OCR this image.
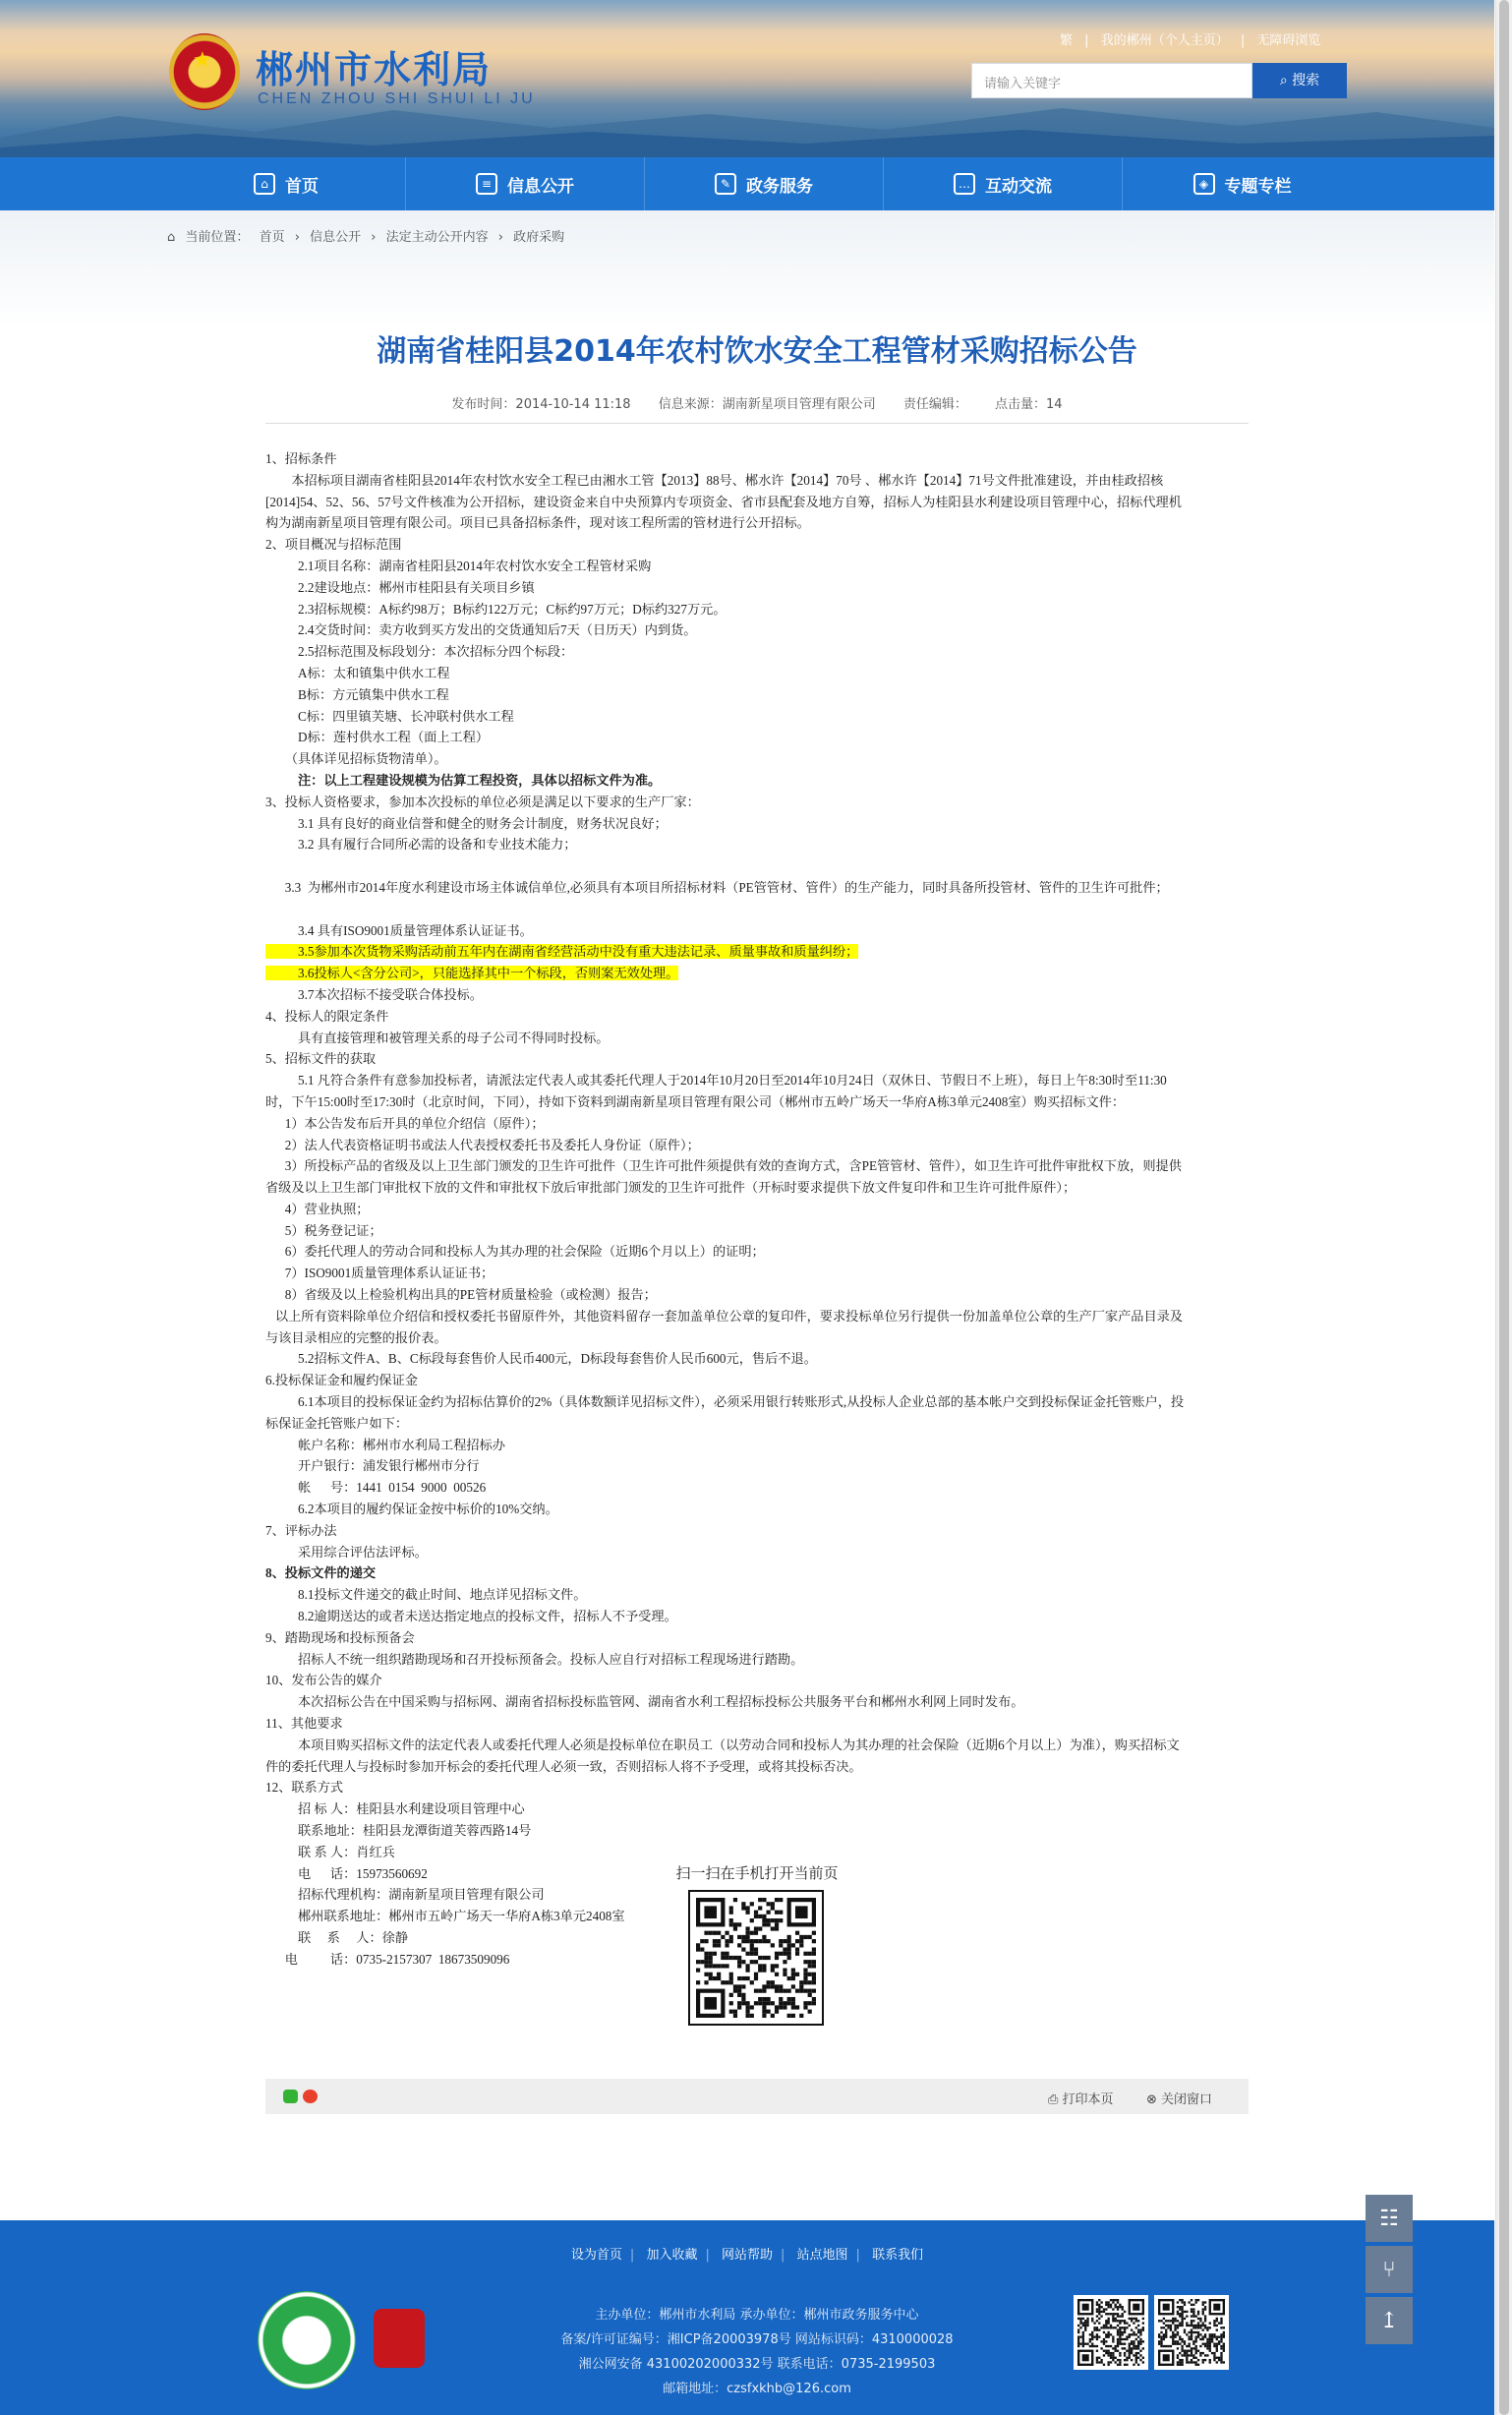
★
郴州市水利局
CHEN ZHOU SHI SHUI LI JU
繁 | 我的郴州（个人主页） | 无障碍浏览
请输入关键字	⌕ 搜索
⌂	首页	≡ 信息公开	✎ 政务服务	… 互动交流	◈ 专题专栏
⌂ 当前位置： 首页 › 信息公开 › 法定主动公开内容 › 政府采购
湖南省桂阳县2014年农村饮水安全工程管材采购招标公告
发布时间：2014-10-14 11:18 信息来源：湖南新星项目管理有限公司 责任编辑： 点击量：14

1、招标条件

本招标项目湖南省桂阳县2014年农村饮水安全工程已由湘水工管【2013】88号、郴水许【2014】70号 、郴水许【2014】71号文件批准建设，并由桂政招核

[2014]54、52、56、57号文件核准为公开招标，建设资金来自中央预算内专项资金、省市县配套及地方自筹，招标人为桂阳县水利建设项目管理中心，招标代理机

构为湖南新星项目管理有限公司。项目已具备招标条件，现对该工程所需的管材进行公开招标。

2、项目概况与招标范围

2.1项目名称：湖南省桂阳县2014年农村饮水安全工程管材采购

2.2建设地点：郴州市桂阳县有关项目乡镇

2.3招标规模：A标约98万；B标约122万元；C标约97万元；D标约327万元。

2.4交货时间：卖方收到买方发出的交货通知后7天（日历天）内到货。

2.5招标范围及标段划分：本次招标分四个标段：

A标：太和镇集中供水工程

B标：方元镇集中供水工程

C标：四里镇芙塘、长冲联村供水工程

D标：莲村供水工程（面上工程）

（具体详见招标货物清单）。

注：以上工程建设规模为估算工程投资，具体以招标文件为准。

3、投标人资格要求，参加本次投标的单位必须是满足以下要求的生产厂家：

3.1 具有良好的商业信誉和健全的财务会计制度，财务状况良好；

3.2 具有履行合同所必需的设备和专业技术能力；

3.3  为郴州市2014年度水利建设市场主体诚信单位,必须具有本项目所招标材料（PE管管材、管件）的生产能力，同时具备所投管材、管件的卫生许可批件；

3.4 具有ISO9001质量管理体系认证证书。

3.5参加本次货物采购活动前五年内在湖南省经营活动中没有重大违法记录、质量事故和质量纠纷；

3.6投标人<含分公司>，只能选择其中一个标段，否则案无效处理。

3.7本次招标不接受联合体投标。

4、投标人的限定条件

具有直接管理和被管理关系的母子公司不得同时投标。

5、招标文件的获取

5.1 凡符合条件有意参加投标者，请派法定代表人或其委托代理人于2014年10月20日至2014年10月24日（双休日、节假日不上班），每日上午8:30时至11:30

时，下午15:00时至17:30时（北京时间，下同），持如下资料到湖南新星项目管理有限公司（郴州市五岭广场天一华府A栋3单元2408室）购买招标文件：

1）本公告发布后开具的单位介绍信（原件）；

2）法人代表资格证明书或法人代表授权委托书及委托人身份证（原件）；

3）所投标产品的省级及以上卫生部门颁发的卫生许可批件（卫生许可批件须提供有效的查询方式，含PE管管材、管件），如卫生许可批件审批权下放，则提供

省级及以上卫生部门审批权下放的文件和审批权下放后审批部门颁发的卫生许可批件（开标时要求提供下放文件复印件和卫生许可批件原件）；

4）营业执照；

5）税务登记证；

6）委托代理人的劳动合同和投标人为其办理的社会保险（近期6个月以上）的证明；

7）ISO9001质量管理体系认证证书；

8）省级及以上检验机构出具的PE管材质量检验（或检测）报告；

以上所有资料除单位介绍信和授权委托书留原件外，其他资料留存一套加盖单位公章的复印件，要求投标单位另行提供一份加盖单位公章的生产厂家产品目录及

与该目录相应的完整的报价表。

5.2招标文件A、B、C标段每套售价人民币400元，D标段每套售价人民币600元，售后不退。

6.投标保证金和履约保证金

6.1本项目的投标保证金约为招标估算价的2%（具体数额详见招标文件），必须采用银行转账形式,从投标人企业总部的基本帐户交到投标保证金托管账户，投

标保证金托管账户如下：

帐户名称：郴州市水利局工程招标办

开户银行：浦发银行郴州市分行

帐      号：1441  0154  9000  00526

6.2本项目的履约保证金按中标价的10%交纳。

7、评标办法

采用综合评估法评标。

8、投标文件的递交

8.1投标文件递交的截止时间、地点详见招标文件。

8.2逾期送达的或者未送达指定地点的投标文件，招标人不予受理。

9、踏勘现场和投标预备会

招标人不统一组织踏勘现场和召开投标预备会。投标人应自行对招标工程现场进行踏勘。

10、发布公告的媒介

本次招标公告在中国采购与招标网、湖南省招标投标监管网、湖南省水利工程招标投标公共服务平台和郴州水利网上同时发布。

11、其他要求

本项目购买招标文件的法定代表人或委托代理人必须是投标单位在职员工（以劳动合同和投标人为其办理的社会保险（近期6个月以上）为准），购买招标文

件的委托代理人与投标时参加开标会的委托代理人必须一致，否则招标人将不予受理，或将其投标否决。

12、联系方式

招 标 人：桂阳县水利建设项目管理中心

联系地址：桂阳县龙潭街道芙蓉西路14号

联 系 人：肖红兵

电      话：15973560692

招标代理机构：湖南新星项目管理有限公司

郴州联系地址：郴州市五岭广场天一华府A栋3单元2408室

联     系     人：徐静

电          话：0735-2157307  18673509096

扫一扫在手机打开当前页
⎙ 打印本页	⊗ 关闭窗口
设为首页 | 加入收藏 | 网站帮助 | 站点地图 | 联系我们
主办单位：郴州市水利局 承办单位：郴州市政务服务中心
备案/许可证编号：湘ICP备20003978号 网站标识码：4310000028
湘公网安备 43100202000332号 联系电话：0735-2199503
邮箱地址：czsfxkhb@126.com
☷
⑂
↥
